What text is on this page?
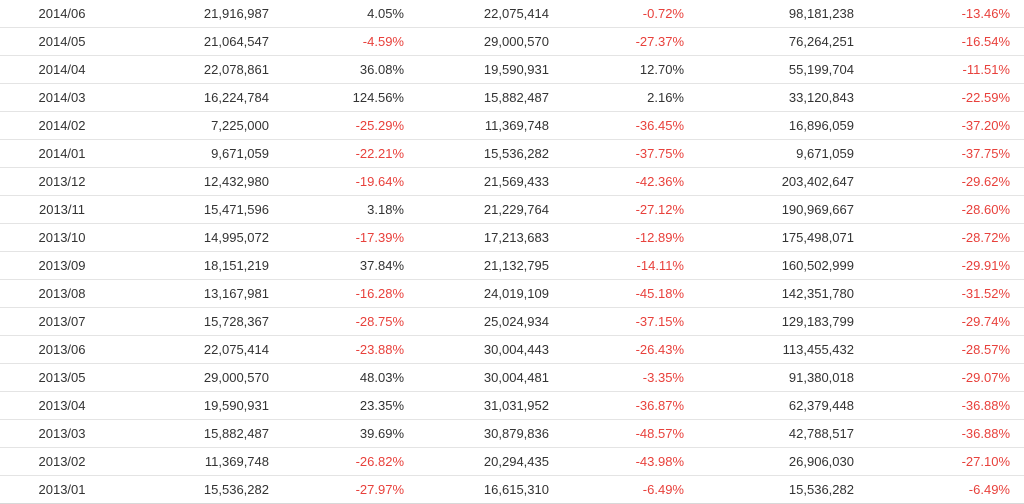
2014/06	21,916,987	4.05%	22,075,414	-0.72%	98,181,238	-13.46%
2014/05	21,064,547	-4.59%	29,000,570	-27.37%	76,264,251	-16.54%
2014/04	22,078,861	36.08%	19,590,931	12.70%	55,199,704	-11.51%
2014/03	16,224,784	124.56%	15,882,487	2.16%	33,120,843	-22.59%
2014/02	7,225,000	-25.29%	11,369,748	-36.45%	16,896,059	-37.20%
2014/01	9,671,059	-22.21%	15,536,282	-37.75%	9,671,059	-37.75%
2013/12	12,432,980	-19.64%	21,569,433	-42.36%	203,402,647	-29.62%
2013/11	15,471,596	3.18%	21,229,764	-27.12%	190,969,667	-28.60%
2013/10	14,995,072	-17.39%	17,213,683	-12.89%	175,498,071	-28.72%
2013/09	18,151,219	37.84%	21,132,795	-14.11%	160,502,999	-29.91%
2013/08	13,167,981	-16.28%	24,019,109	-45.18%	142,351,780	-31.52%
2013/07	15,728,367	-28.75%	25,024,934	-37.15%	129,183,799	-29.74%
2013/06	22,075,414	-23.88%	30,004,443	-26.43%	113,455,432	-28.57%
2013/05	29,000,570	48.03%	30,004,481	-3.35%	91,380,018	-29.07%
2013/04	19,590,931	23.35%	31,031,952	-36.87%	62,379,448	-36.88%
2013/03	15,882,487	39.69%	30,879,836	-48.57%	42,788,517	-36.88%
2013/02	11,369,748	-26.82%	20,294,435	-43.98%	26,906,030	-27.10%
2013/01	15,536,282	-27.97%	16,615,310	-6.49%	15,536,282	-6.49%
